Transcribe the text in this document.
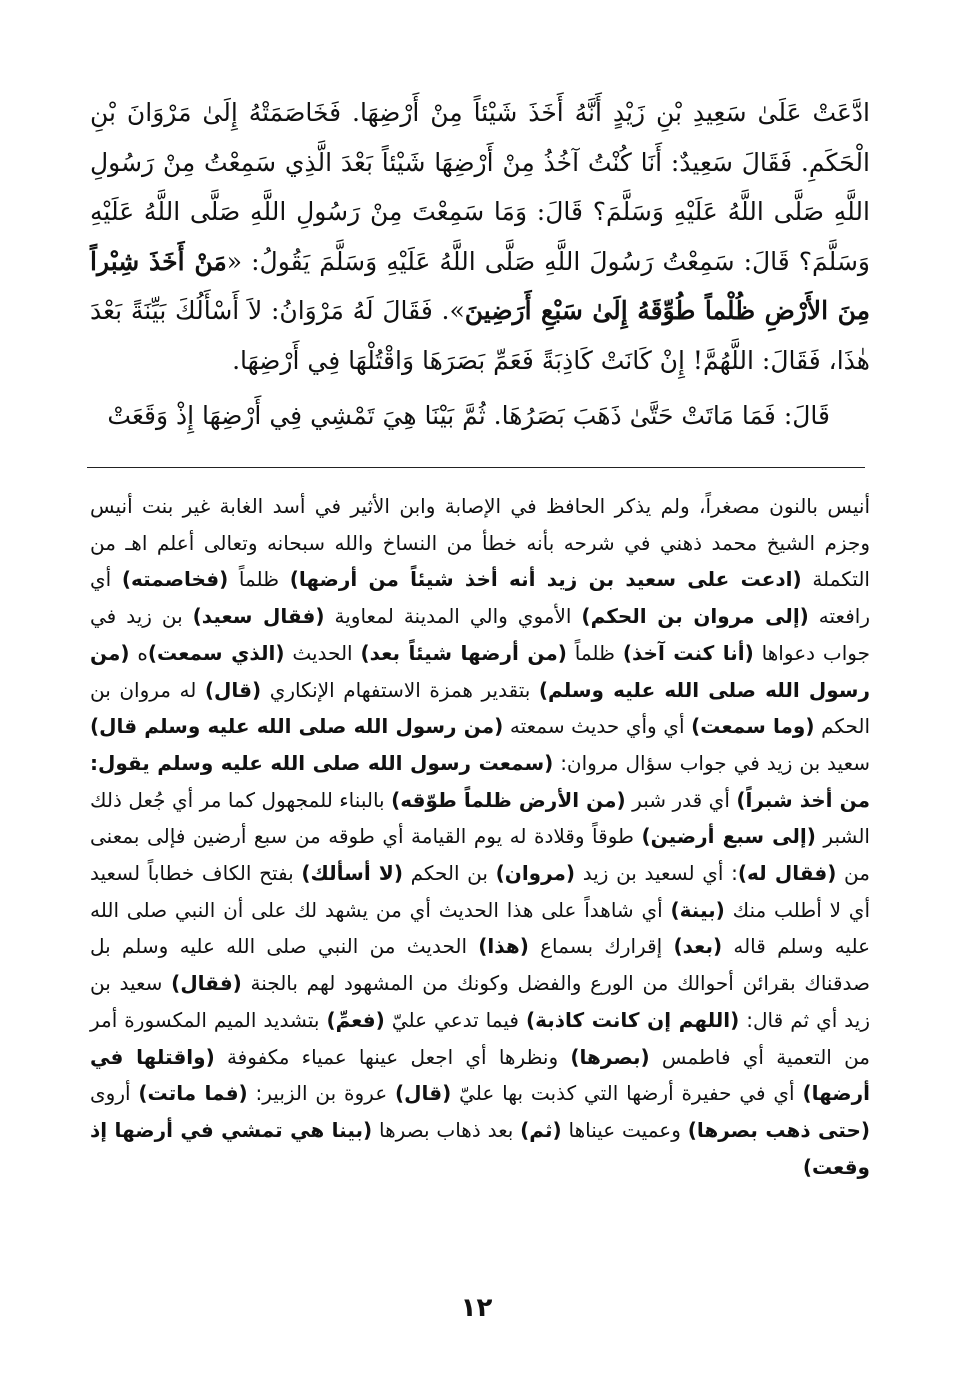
ادَّعَتْ عَلَىٰ سَعِيدِ بْنِ زَيْدٍ أَنَّهُ أَخَذَ شَيْئاً مِنْ أَرْضِهَا. فَخَاصَمَتْهُ إِلَىٰ مَرْوَانَ بْنِ الْحَكَمِ. فَقَالَ سَعِيدٌ: أَنَا كُنْتُ آخُذُ مِنْ أَرْضِهَا شَيْئاً بَعْدَ الَّذِي سَمِعْتُ مِنْ رَسُولِ اللَّهِ صَلَّى اللَّهُ عَلَيْهِ وَسَلَّمَ؟ قَالَ: وَمَا سَمِعْتَ مِنْ رَسُولِ اللَّهِ صَلَّى اللَّهُ عَلَيْهِ وَسَلَّمَ؟ قَالَ: سَمِعْتُ رَسُولَ اللَّهِ صَلَّى اللَّهُ عَلَيْهِ وَسَلَّمَ يَقُولُ: «مَنْ أَخَذَ شِبْراً مِنَ الأَرْضِ ظُلْماً طُوِّقَهُ إِلَىٰ سَبْعِ أَرَضِينَ». فَقَالَ لَهُ مَرْوَانُ: لاَ أَسْأَلُكَ بَيِّنَةً بَعْدَ هٰذَا، فَقَالَ: اللَّهُمَّ! إِنْ كَانَتْ كَاذِبَةً فَعَمِّ بَصَرَهَا وَاقْتُلْهَا فِي أَرْضِهَا.

قَالَ: فَمَا مَاتَتْ حَتَّىٰ ذَهَبَ بَصَرُهَا. ثُمَّ بَيْنَا هِيَ تَمْشِي فِي أَرْضِهَا إِذْ وَقَعَتْ

أنيس بالنون مصغراً، ولم يذكر الحافظ في الإصابة وابن الأثير في أسد الغابة غير بنت أنيس وجزم الشيخ محمد ذهني في شرحه بأنه خطأ من النساخ والله سبحانه وتعالى أعلم اهـ من التكملة (ادعت على سعيد بن زيد أنه أخذ شيئاً من أرضها) ظلماً (فخاصمته) أي رافعته (إلى مروان بن الحكم) الأموي والي المدينة لمعاوية (فقال سعيد) بن زيد في جواب دعواها (أنا كنت آخذ) ظلماً (من أرضها شيئاً بعد) الحديث (الذي سمعت)ه (من رسول الله صلى الله عليه وسلم) بتقدير همزة الاستفهام الإنكاري (قال) له مروان بن الحكم (وما سمعت) أي وأي حديث سمعته (من رسول الله صلى الله عليه وسلم قال) سعيد بن زيد في جواب سؤال مروان: (سمعت رسول الله صلى الله عليه وسلم يقول: من أخذ شبراً) أي قدر شبر (من الأرض ظلماً طوّقه) بالبناء للمجهول كما مر أي جُعل ذلك الشبر (إلى سبع أرضين) طوقاً وقلادة له يوم القيامة أي طوقه من سبع أرضين فإلى بمعنى من (فقال له): أي لسعيد بن زيد (مروان) بن الحكم (لا أسألك) بفتح الكاف خطاباً لسعيد أي لا أطلب منك (بينة) أي شاهداً على هذا الحديث أي من يشهد لك على أن النبي صلى الله عليه وسلم قاله (بعد) إقرارك بسماع (هذا) الحديث من النبي صلى الله عليه وسلم بل صدقناك بقرائن أحوالك من الورع والفضل وكونك من المشهود لهم بالجنة (فقال) سعيد بن زيد أي ثم قال: (اللهم إن كانت كاذبة) فيما تدعي عليّ (فعمِّ) بتشديد الميم المكسورة أمر من التعمية أي فاطمس (بصرها) ونظرها أي اجعل عينها عمياء مكفوفة (واقتلها في أرضها) أي في حفيرة أرضها التي كذبت بها عليّ (قال) عروة بن الزبير: (فما ماتت) أروى (حتى ذهب بصرها) وعميت عيناها (ثم) بعد ذهاب بصرها (بينا هي تمشي في أرضها إذ وقعت)

١٢
